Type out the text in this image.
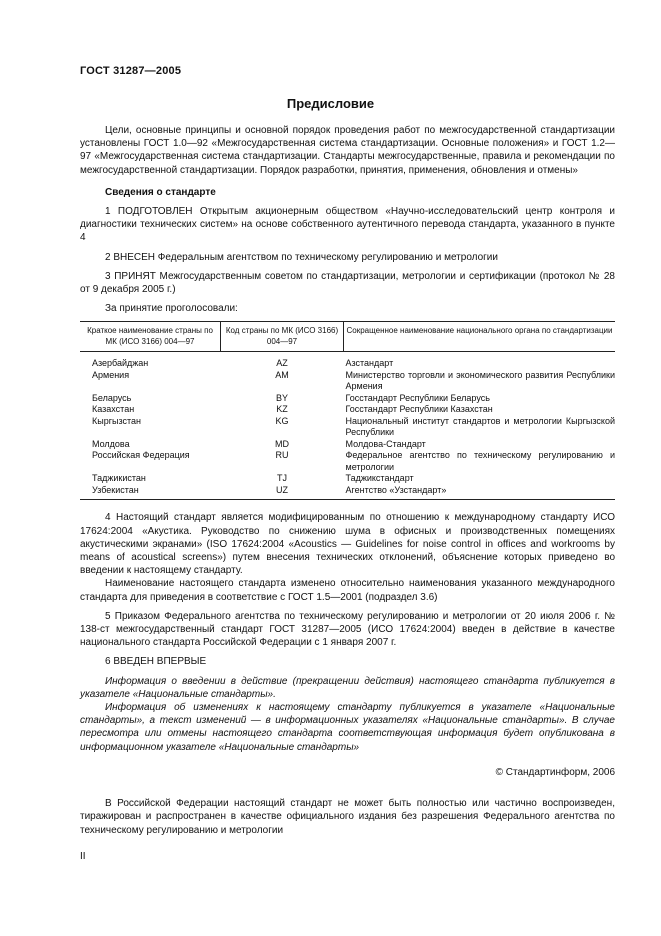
ГОСТ 31287—2005
Предисловие

Цели, основные принципы и основной порядок проведения работ по межгосударственной стандартизации установлены ГОСТ 1.0—92 «Межгосударственная система стандартизации. Основные положения» и ГОСТ 1.2—97 «Межгосударственная система стандартизации. Стандарты межгосударственные, правила и рекомендации по межгосударственной стандартизации. Порядок разработки, принятия, применения, обновления и отмены»

Сведения о стандарте

1 ПОДГОТОВЛЕН Открытым акционерным обществом «Научно-исследовательский центр контроля и диагностики технических систем» на основе собственного аутентичного перевода стандарта, указанного в пункте 4

2 ВНЕСЕН Федеральным агентством по техническому регулированию и метрологии

3 ПРИНЯТ Межгосударственным советом по стандартизации, метрологии и сертификации (протокол № 28 от 9 декабря 2005 г.)

За принятие проголосовали:

Краткое наименование страны по МК (ИСО 3166) 004—97	Код страны по МК (ИСО 3166) 004—97	Сокращенное наименование национального органа по стандартизации
Азербайджан	AZ	Азстандарт
Армения	AM	Министерство торговли и экономического развития Республики Армения
Беларусь	BY	Госстандарт Республики Беларусь
Казахстан	KZ	Госстандарт Республики Казахстан
Кыргызстан	KG	Национальный институт стандартов и метрологии Кыргызской Республики
Молдова	MD	Молдова-Стандарт
Российская Федерация	RU	Федеральное агентство по техническому регулированию и метрологии
Таджикистан	TJ	Таджикстандарт
Узбекистан	UZ	Агентство «Узстандарт»

4 Настоящий стандарт является модифицированным по отношению к международному стандарту ИСО 17624:2004 «Акустика. Руководство по снижению шума в офисных и производственных помещениях акустическими экранами» (ISO 17624:2004 «Acoustics — Guidelines for noise control in offices and workrooms by means of acoustical screens») путем внесения технических отклонений, объяснение которых приведено во введении к настоящему стандарту.

Наименование настоящего стандарта изменено относительно наименования указанного международного стандарта для приведения в соответствие с ГОСТ 1.5—2001 (подраздел 3.6)

5 Приказом Федерального агентства по техническому регулированию и метрологии от 20 июля 2006 г. № 138-ст межгосударственный стандарт ГОСТ 31287—2005 (ИСО 17624:2004) введен в действие в качестве национального стандарта Российской Федерации с 1 января 2007 г.

6 ВВЕДЕН ВПЕРВЫЕ

Информация о введении в действие (прекращении действия) настоящего стандарта публикуется в указателе «Национальные стандарты».

Информация об изменениях к настоящему стандарту публикуется в указателе «Национальные стандарты», а текст изменений — в информационных указателях «Национальные стандарты». В случае пересмотра или отмены настоящего стандарта соответствующая информация будет опубликована в информационном указателе «Национальные стандарты»

© Стандартинформ, 2006

В Российской Федерации настоящий стандарт не может быть полностью или частично воспроизведен, тиражирован и распространен в качестве официального издания без разрешения Федерального агентства по техническому регулированию и метрологии

II
